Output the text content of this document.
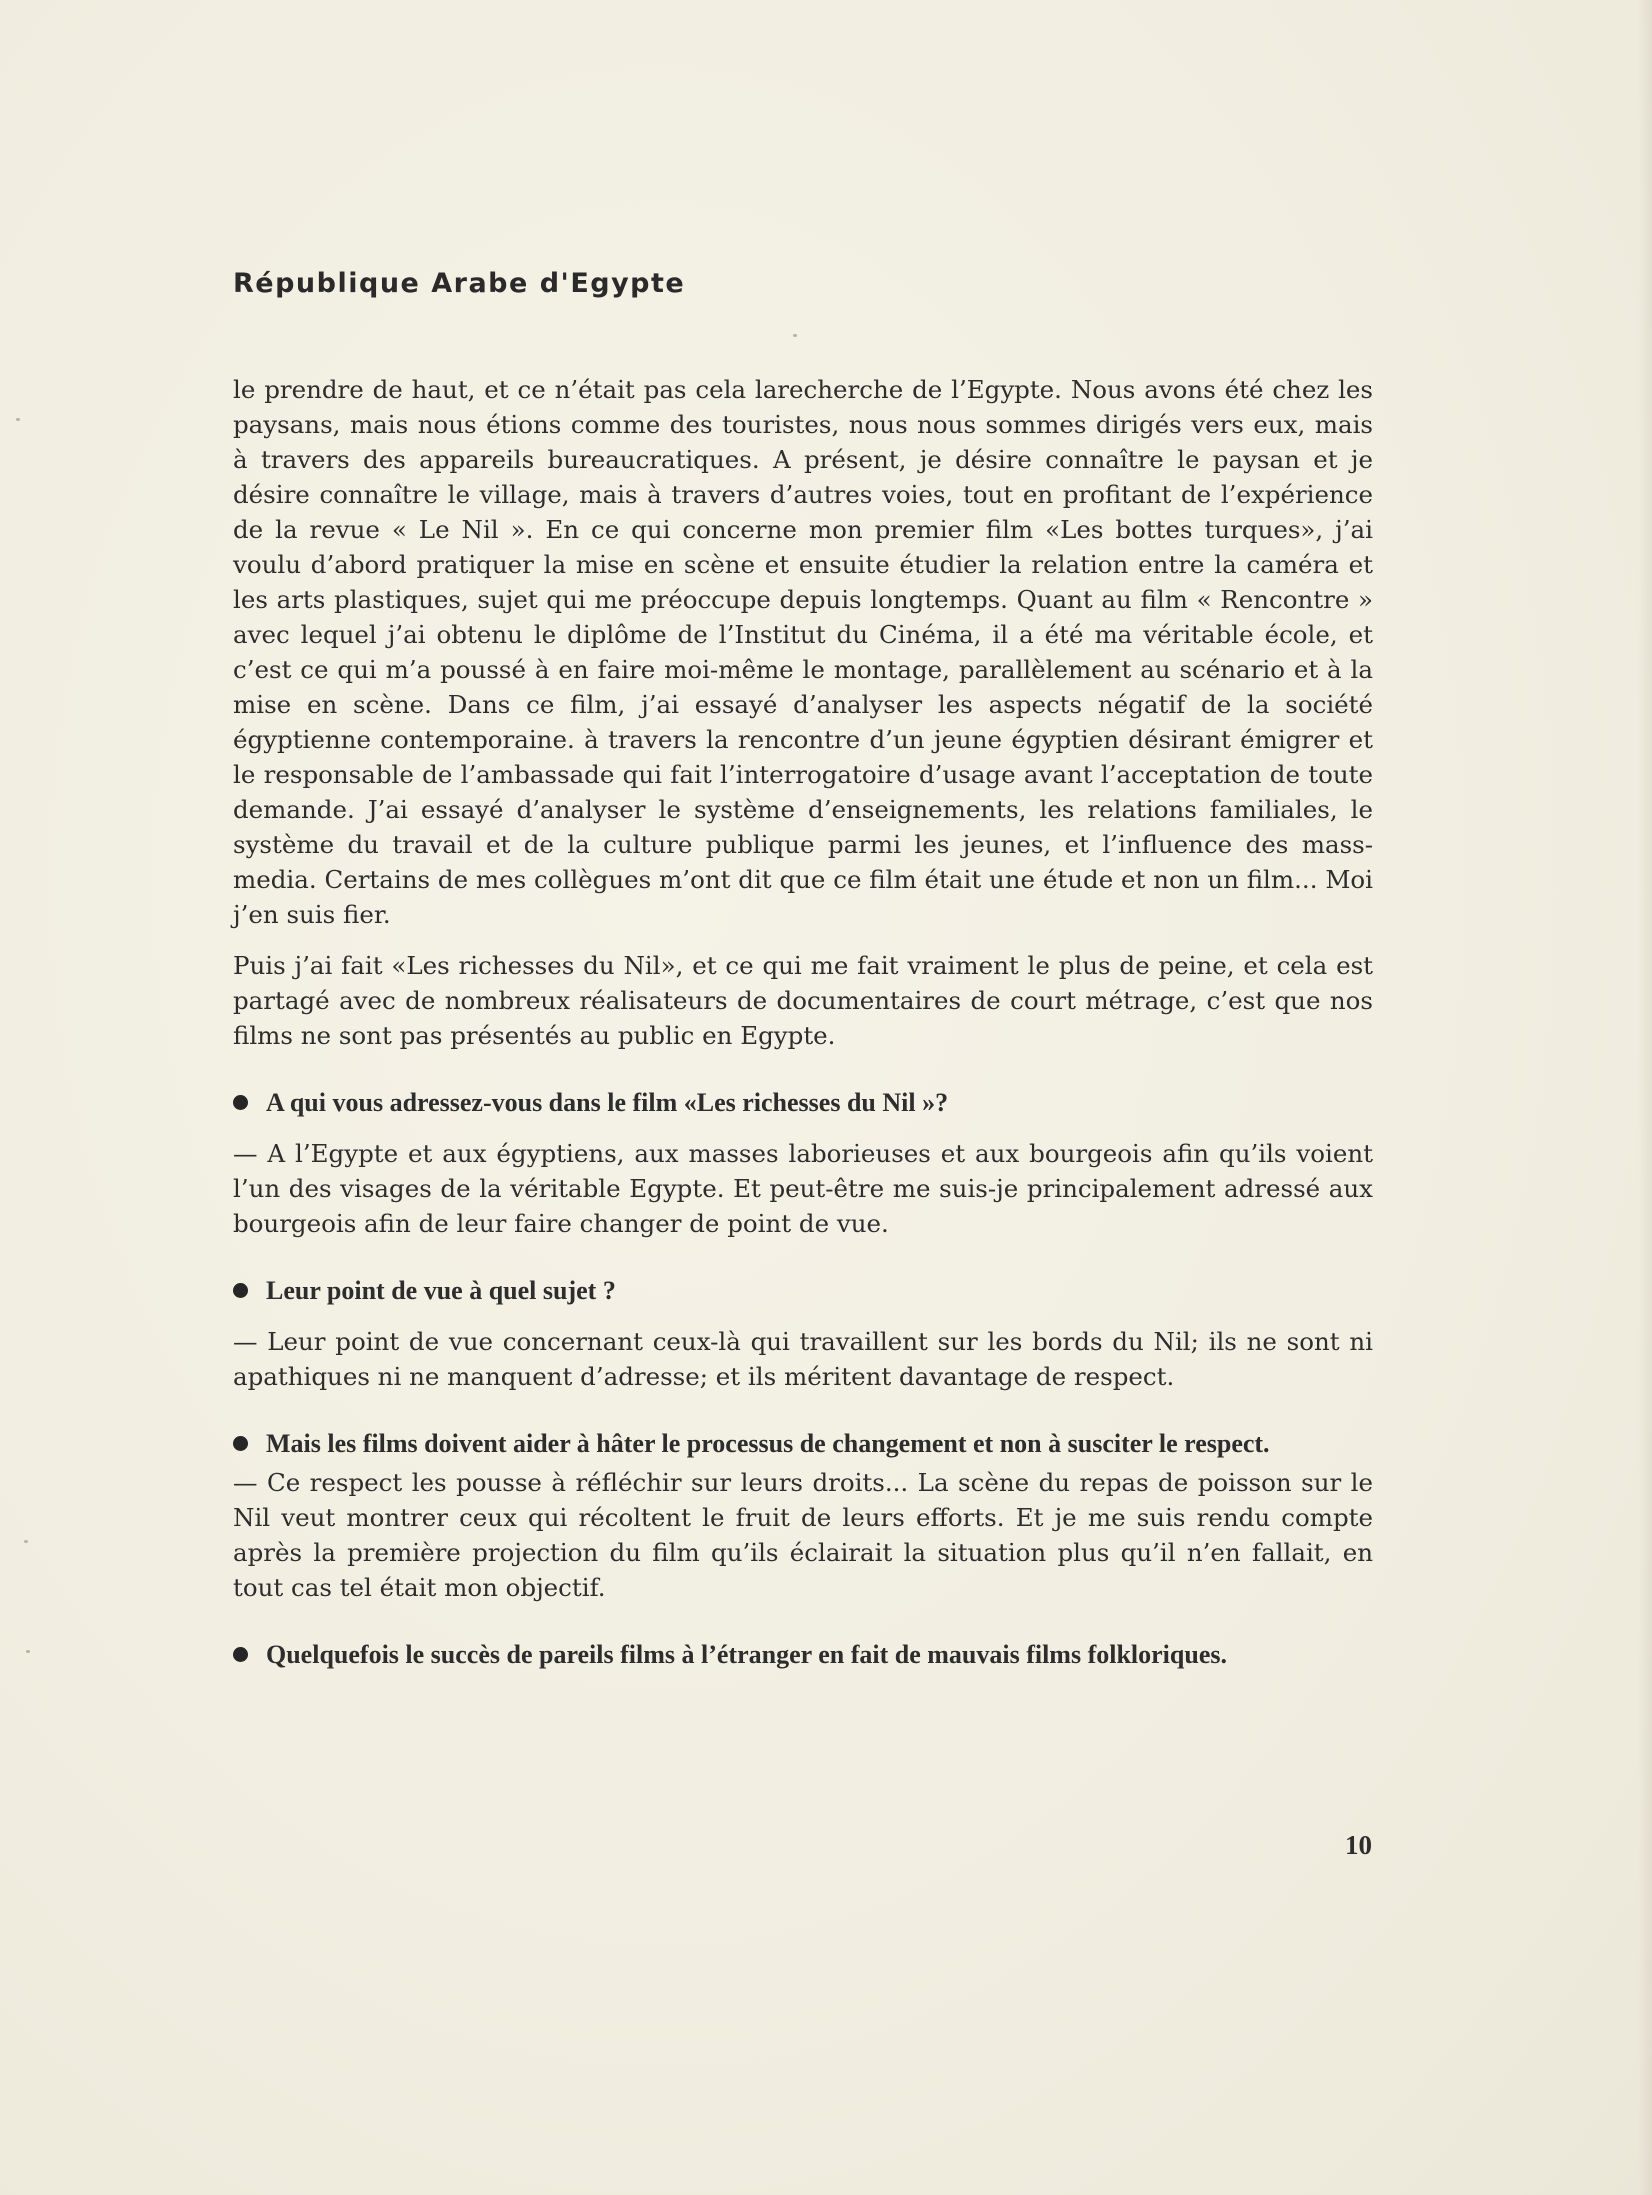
République Arabe d'Egypte

le prendre de haut, et ce n’était pas cela larecherche de l’Egypte. Nous avons été chez les paysans, mais nous étions comme des touristes, nous nous sommes dirigés vers eux, mais à travers des appareils bureaucratiques. A présent, je désire connaître le paysan et je désire connaître le village, mais à travers d’autres voies, tout en profitant de l’expérience de la revue « Le Nil ». En ce qui concerne mon premier film «Les bottes turques», j’ai voulu d’abord pratiquer la mise en scène et ensuite étudier la relation entre la caméra et les arts plastiques, sujet qui me préoccupe depuis longtemps. Quant au film « Rencontre » avec lequel j’ai obtenu le diplôme de l’Institut du Cinéma, il a été ma véritable école, et c’est ce qui m’a poussé à en faire moi-même le montage, parallèlement au scénario et à la mise en scène. Dans ce film, j’ai essayé d’analyser les aspects négatif de la société égyptienne contemporaine. à travers la rencontre d’un jeune égyptien désirant émigrer et le responsable de l’ambassade qui fait l’interrogatoire d’usage avant l’acceptation de toute demande. J’ai essayé d’analyser le système d’enseignements, les relations familiales, le système du travail et de la culture publique parmi les jeunes, et l’influence des mass-media. Certains de mes collègues m’ont dit que ce film était une étude et non un film... Moi j’en suis fier.

Puis j’ai fait «Les richesses du Nil», et ce qui me fait vraiment le plus de peine, et cela est partagé avec de nombreux réalisateurs de documentaires de court métrage, c’est que nos films ne sont pas présentés au public en Egypte.

A qui vous adressez-vous dans le film «Les richesses du Nil »?

— A l’Egypte et aux égyptiens, aux masses laborieuses et aux bourgeois afin qu’ils voient l’un des visages de la véritable Egypte. Et peut-être me suis-je principalement adressé aux bourgeois afin de leur faire changer de point de vue.

Leur point de vue à quel sujet ?

— Leur point de vue concernant ceux-là qui travaillent sur les bords du Nil; ils ne sont ni apathiques ni ne manquent d’adresse; et ils méritent davantage de respect.

Mais les films doivent aider à hâter le processus de changement et non à susciter le respect.

— Ce respect les pousse à réfléchir sur leurs droits... La scène du repas de poisson sur le Nil veut montrer ceux qui récoltent le fruit de leurs efforts. Et je me suis rendu compte après la première projection du film qu’ils éclairait la situation plus qu’il n’en fallait, en tout cas tel était mon objectif.

Quelquefois le succès de pareils films à l’étranger en fait de mauvais films folkloriques.

10
